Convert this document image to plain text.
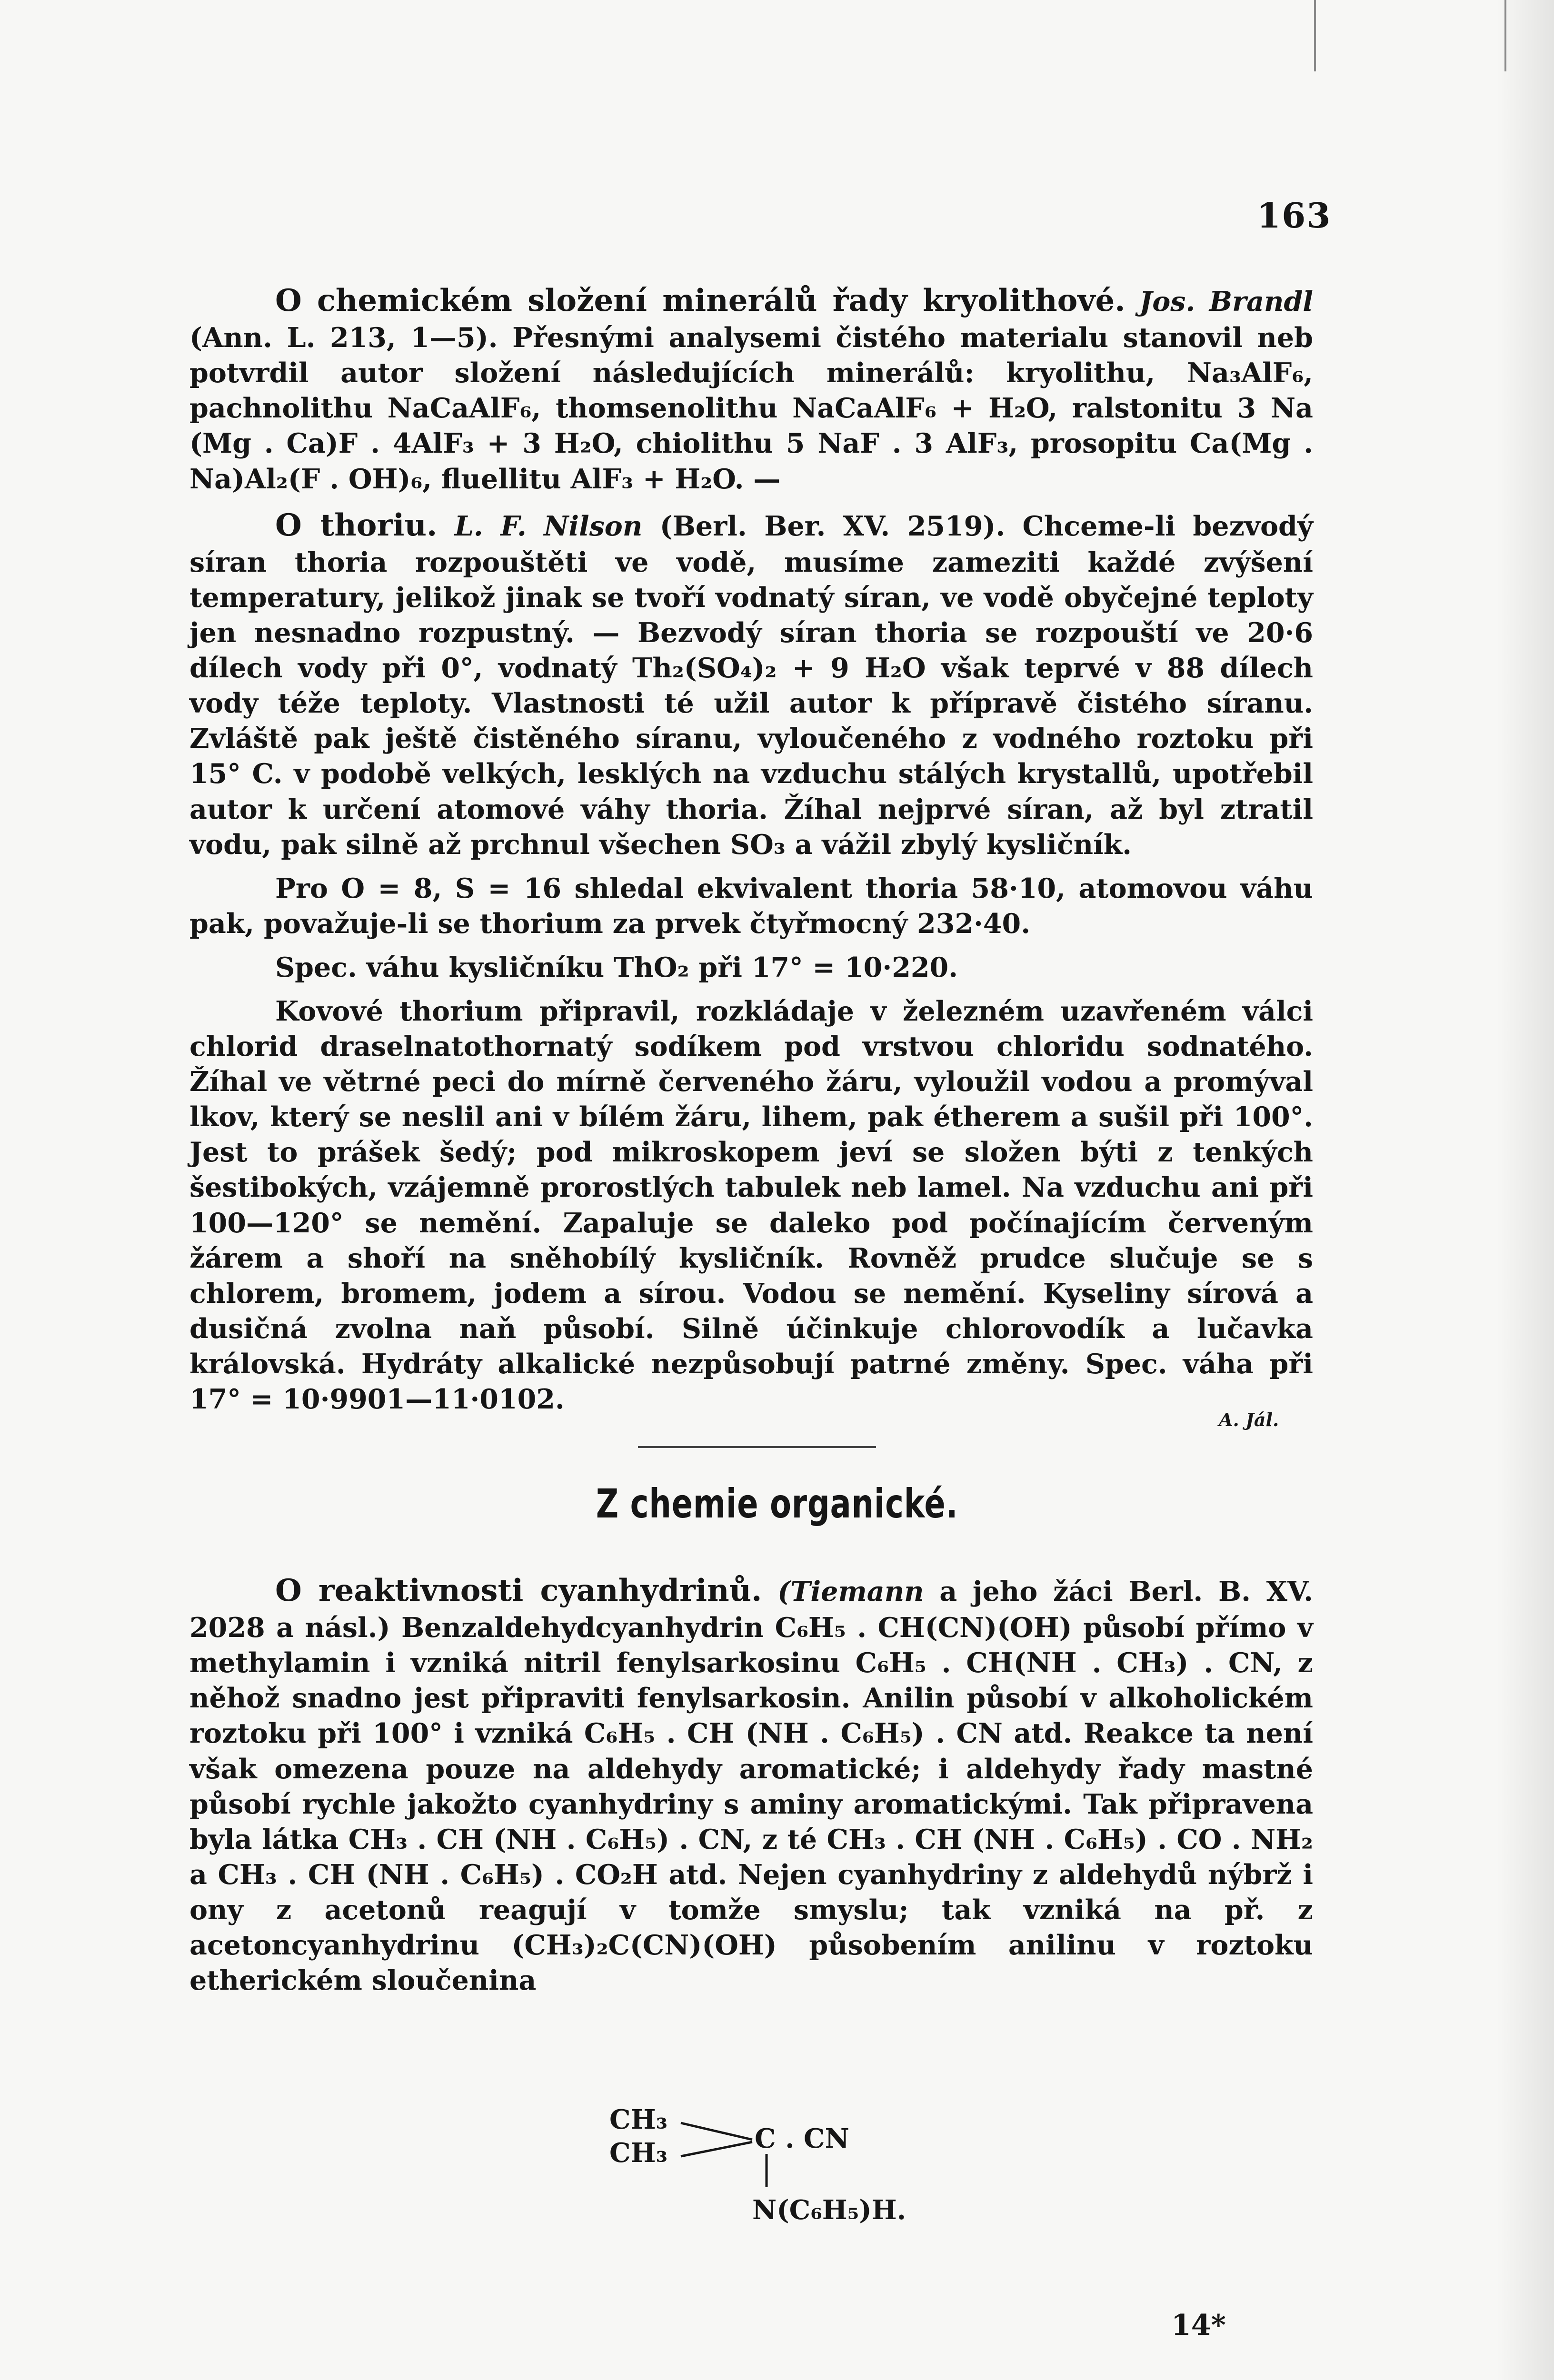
163

O chemickém složení minerálů řady kryolithové. Jos. Brandl (Ann. L. 213, 1—5). Přesnými analysemi čistého materialu stanovil neb potvrdil autor složení následujících minerálů: kryolithu, Na₃AlF₆, pachnolithu NaCaAlF₆, thomsenolithu NaCaAlF₆ + H₂O, ralstonitu 3 Na (Mg . Ca)F . 4AlF₃ + 3 H₂O, chiolithu 5 NaF . 3 AlF₃, prosopitu Ca(Mg . Na)Al₂(F . OH)₆, fluellitu AlF₃ + H₂O. —

O thoriu. L. F. Nilson (Berl. Ber. XV. 2519). Chceme-li bezvodý síran thoria rozpouštěti ve vodě, musíme zameziti každé zvýšení temperatury, jelikož jinak se tvoří vodnatý síran, ve vodě obyčejné teploty jen nesnadno rozpustný. — Bezvodý síran thoria se rozpouští ve 20·6 dílech vody při 0°, vodnatý Th₂(SO₄)₂ + 9 H₂O však teprvé v 88 dílech vody téže teploty. Vlastnosti té užil autor k přípravě čistého síranu. Zvláště pak ještě čistěného síranu, vyloučeného z vodného roztoku při 15° C. v podobě velkých, lesklých na vzduchu stálých krystallů, upotřebil autor k určení atomové váhy thoria. Žíhal nejprvé síran, až byl ztratil vodu, pak silně až prchnul všechen SO₃ a vážil zbylý kysličník.

Pro O = 8, S = 16 shledal ekvivalent thoria 58·10, atomovou váhu pak, považuje-li se thorium za prvek čtyřmocný 232·40.

Spec. váhu kysličníku ThO₂ při 17° = 10·220.

Kovové thorium připravil, rozkládaje v železném uzavřeném válci chlorid draselnatothornatý sodíkem pod vrstvou chloridu sodnatého. Žíhal ve větrné peci do mírně červeného žáru, vyloužil vodou a promýval lkov, který se neslil ani v bílém žáru, lihem, pak étherem a sušil při 100°. Jest to prášek šedý; pod mikroskopem jeví se složen býti z tenkých šestibokých, vzájemně prorostlých tabulek neb lamel. Na vzduchu ani při 100—120° se nemění. Zapaluje se daleko pod počínajícím červeným žárem a shoří na sněhobílý kysličník. Rovněž prudce slučuje se s chlorem, bromem, jodem a sírou. Vodou se nemění. Kyseliny sírová a dusičná zvolna naň působí. Silně účinkuje chlorovodík a lučavka královská. Hydráty alkalické nezpůsobují patrné změny. Spec. váha při 17° = 10·9901—11·0102.

A. Jál.
Z chemie organické.

O reaktivnosti cyanhydrinů. (Tiemann a jeho žáci Berl. B. XV. 2028 a násl.) Benzaldehydcyanhydrin C₆H₅ . CH(CN)(OH) působí přímo v methylamin i vzniká nitril fenylsarkosinu C₆H₅ . CH(NH . CH₃) . CN, z něhož snadno jest připraviti fenylsarkosin. Anilin působí v alkoholickém roztoku při 100° i vzniká C₆H₅ . CH (NH . C₆H₅) . CN atd. Reakce ta není však omezena pouze na aldehydy aromatické; i aldehydy řady mastné působí rychle jakožto cyanhydriny s aminy aromatickými. Tak připravena byla látka CH₃ . CH (NH . C₆H₅) . CN, z té CH₃ . CH (NH . C₆H₅) . CO . NH₂ a CH₃ . CH (NH . C₆H₅) . CO₂H atd. Nejen cyanhydriny z aldehydů nýbrž i ony z acetonů reagují v tomže smyslu; tak vzniká na př. z acetoncyanhydrinu (CH₃)₂C(CN)(OH) působením anilinu v roztoku etherickém sloučenina

CH₃
CH₃	C . CN
N(C₆H₅)H.
14*
